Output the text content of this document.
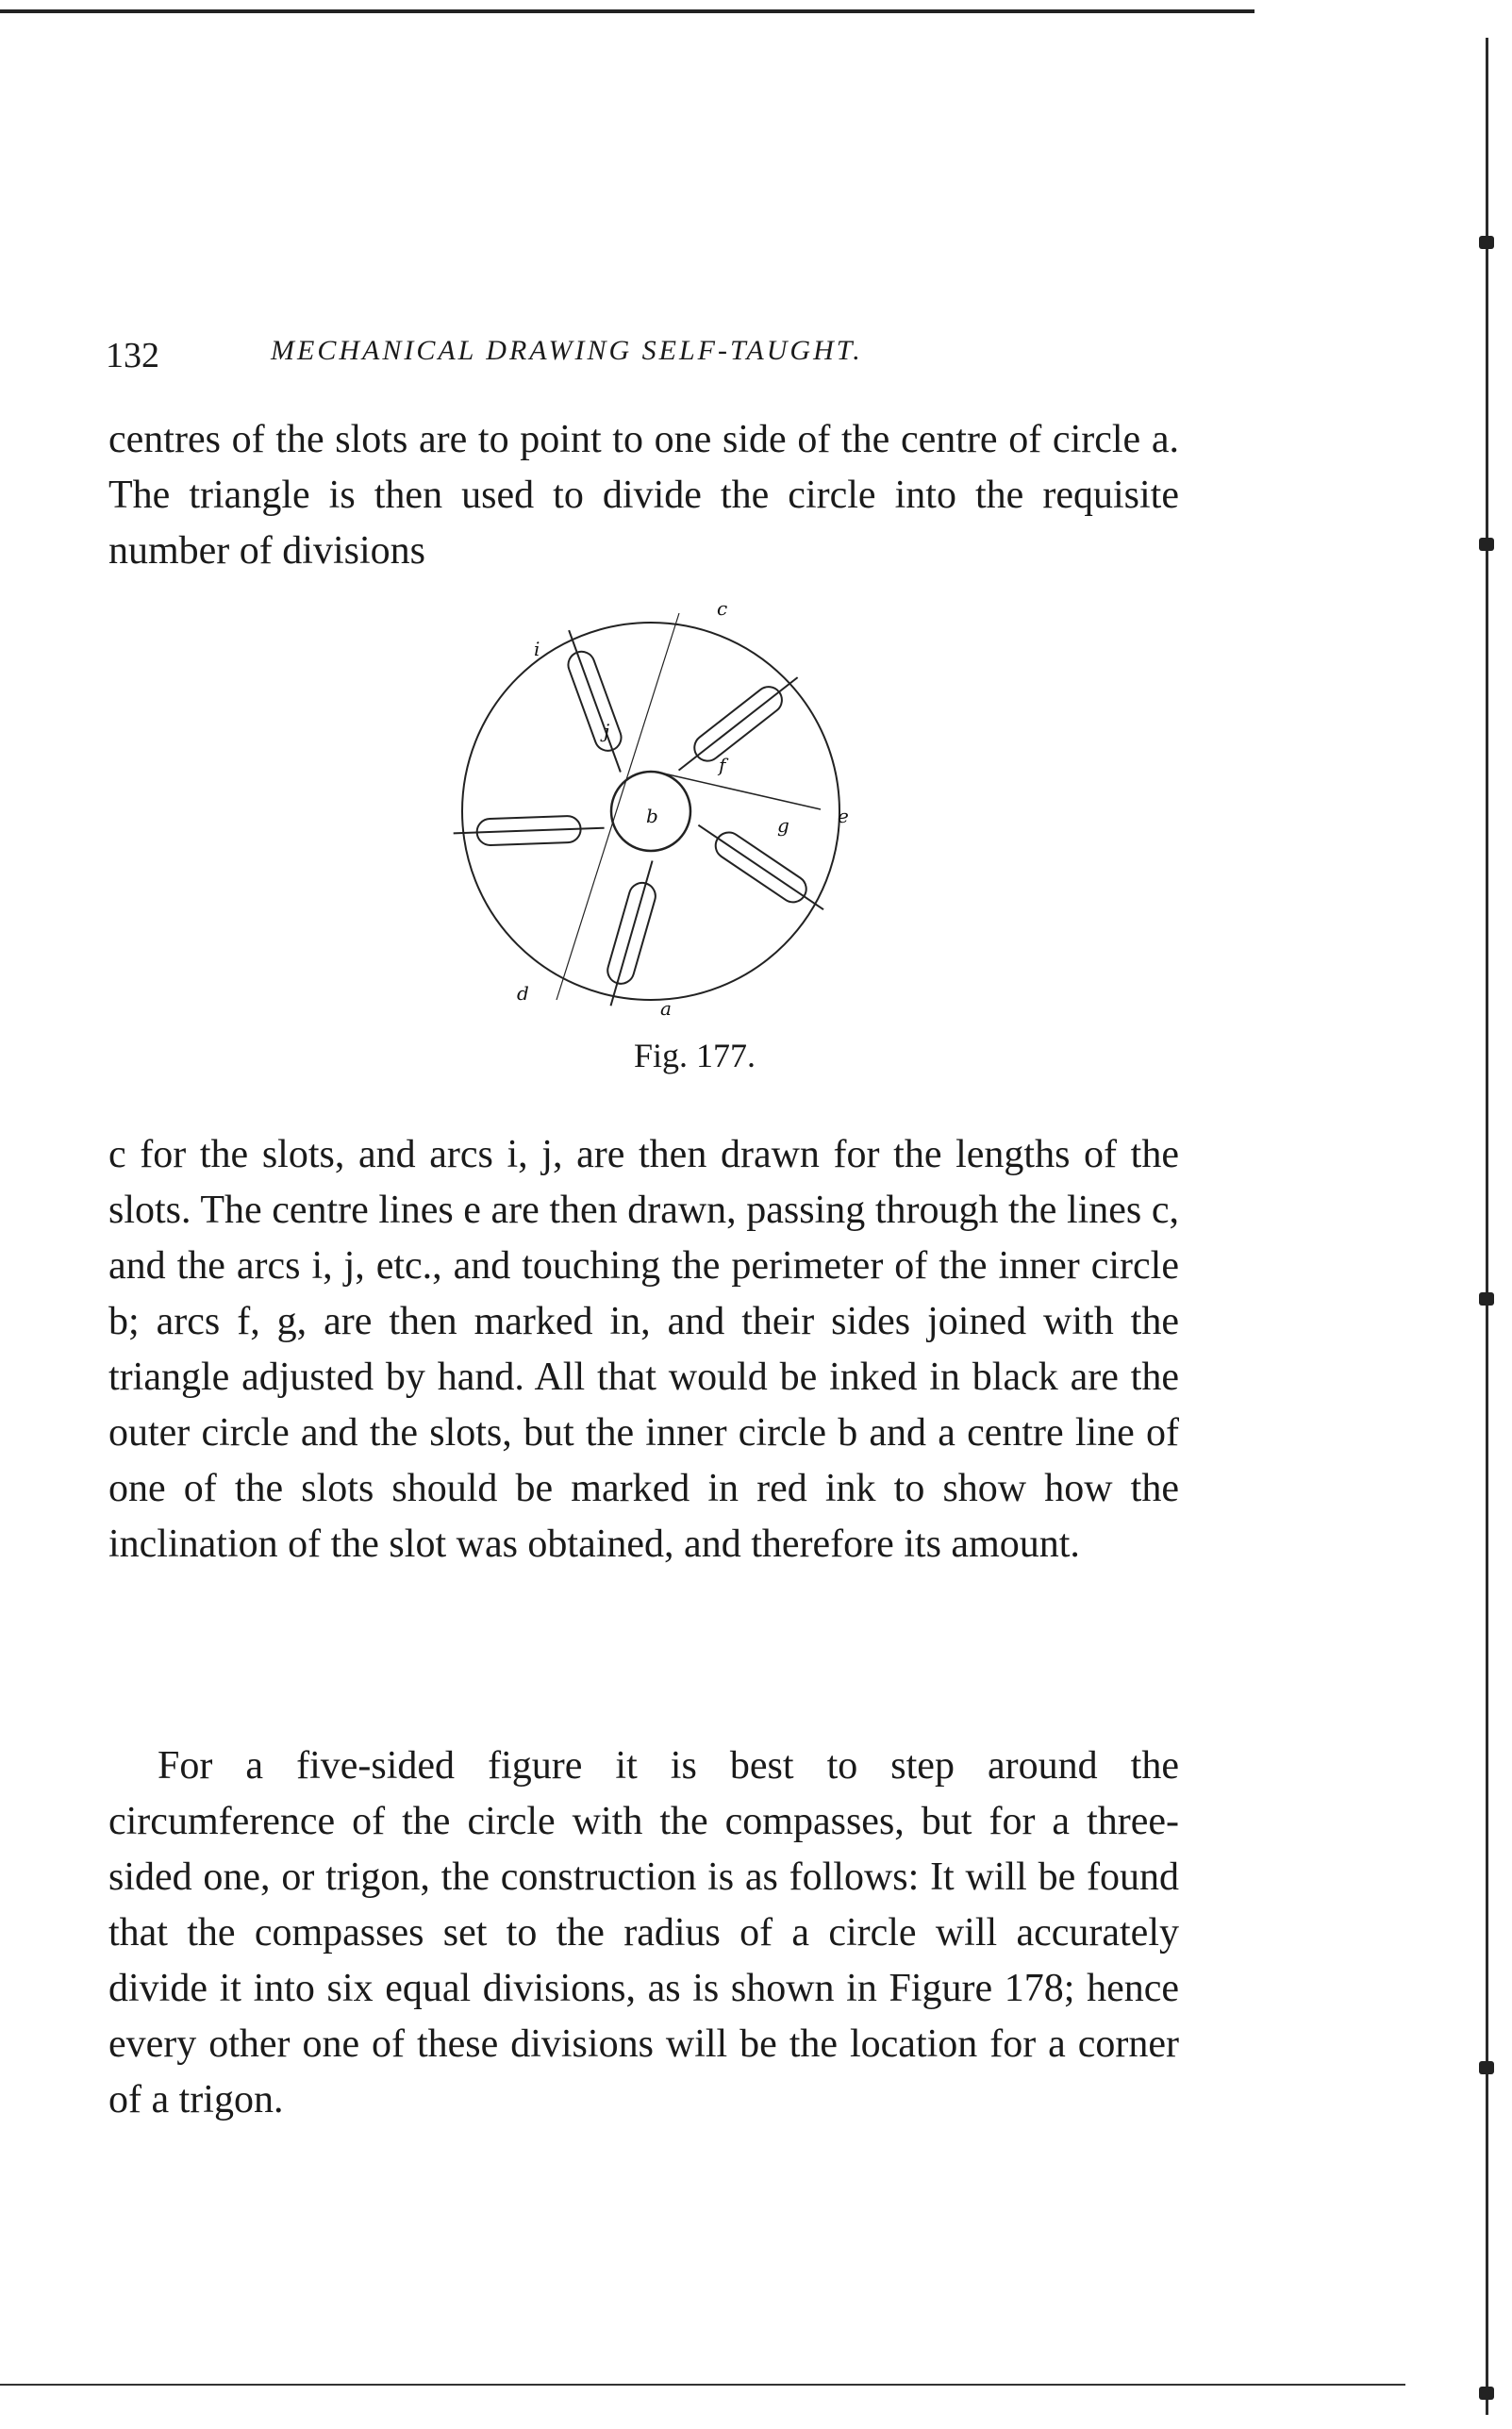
132	MECHANICAL DRAWING SELF-TAUGHT.

centres of the slots are to point to one side of the centre of circle a. The triangle is then used to divide the circle into the requisite number of divisions

b
i
c
j
f
g	e
d
a
Fig. 177.

c for the slots, and arcs i, j, are then drawn for the lengths of the slots. The centre lines e are then drawn, passing through the lines c, and the arcs i, j, etc., and touching the perimeter of the inner circle b; arcs f, g, are then marked in, and their sides joined with the triangle adjusted by hand. All that would be inked in black are the outer circle and the slots, but the inner circle b and a centre line of one of the slots should be marked in red ink to show how the inclination of the slot was obtained, and therefore its amount.

For a five-sided figure it is best to step around the circumference of the circle with the compasses, but for a three-sided one, or trigon, the construction is as follows: It will be found that the compasses set to the radius of a circle will accurately divide it into six equal divisions, as is shown in Figure 178; hence every other one of these divisions will be the location for a corner of a trigon.
